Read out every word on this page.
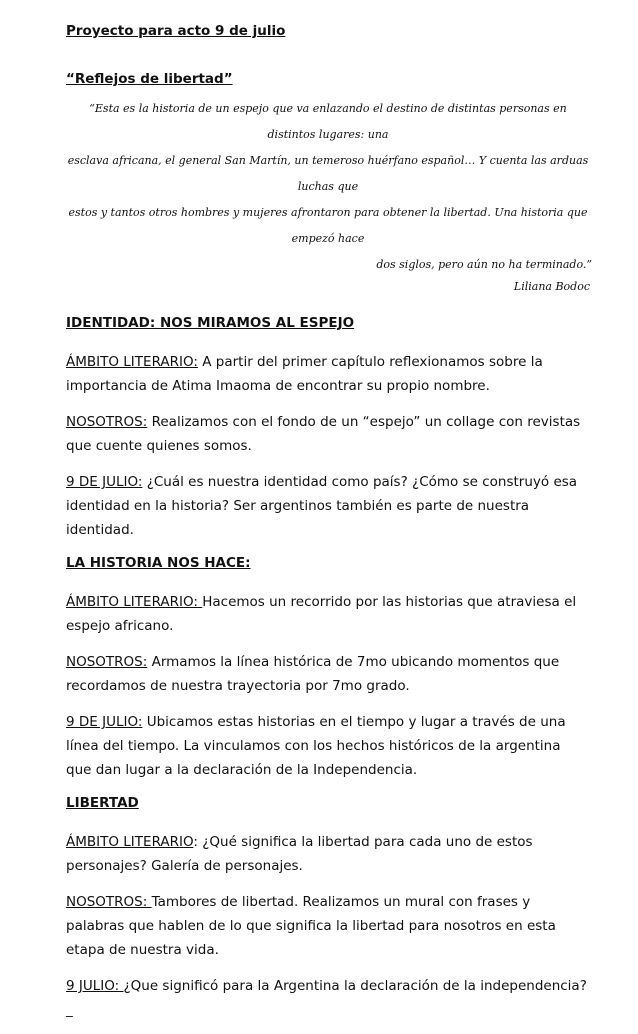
Proyecto para acto 9 de julio
“Reflejos de libertad”
“Esta es la historia de un espejo que va enlazando el destino de distintas personas en distintos lugares: una
esclava africana, el general San Martín, un temeroso huérfano español… Y cuenta las arduas luchas que
estos y tantos otros hombres y mujeres afrontaron para obtener la libertad. Una historia que empezó hace
dos siglos, pero aún no ha terminado.”
Liliana Bodoc
IDENTIDAD: NOS MIRAMOS AL ESPEJO

ÁMBITO LITERARIO: A partir del primer capítulo reflexionamos sobre la importancia de Atima Imaoma de encontrar su propio nombre.

NOSOTROS: Realizamos con el fondo de un “espejo” un collage con revistas que cuente quienes somos.

9 DE JULIO: ¿Cuál es nuestra identidad como país? ¿Cómo se construyó esa identidad en la historia? Ser argentinos también es parte de nuestra identidad.

LA HISTORIA NOS HACE:

ÁMBITO LITERARIO: Hacemos un recorrido por las historias que atraviesa el espejo africano.

NOSOTROS: Armamos la línea histórica de 7mo ubicando momentos que recordamos de nuestra trayectoria por 7mo grado.

9 DE JULIO: Ubicamos estas historias en el tiempo y lugar a través de una línea del tiempo. La vinculamos con los hechos históricos de la argentina que dan lugar a la declaración de la Independencia.

LIBERTAD

ÁMBITO LITERARIO: ¿Qué significa la libertad para cada uno de estos personajes? Galería de personajes.

NOSOTROS: Tambores de libertad. Realizamos un mural con frases y palabras que hablen de lo que significa la libertad para nosotros en esta etapa de nuestra vida.

9 JULIO: ¿Que significó para la Argentina la declaración de la independencia?_
